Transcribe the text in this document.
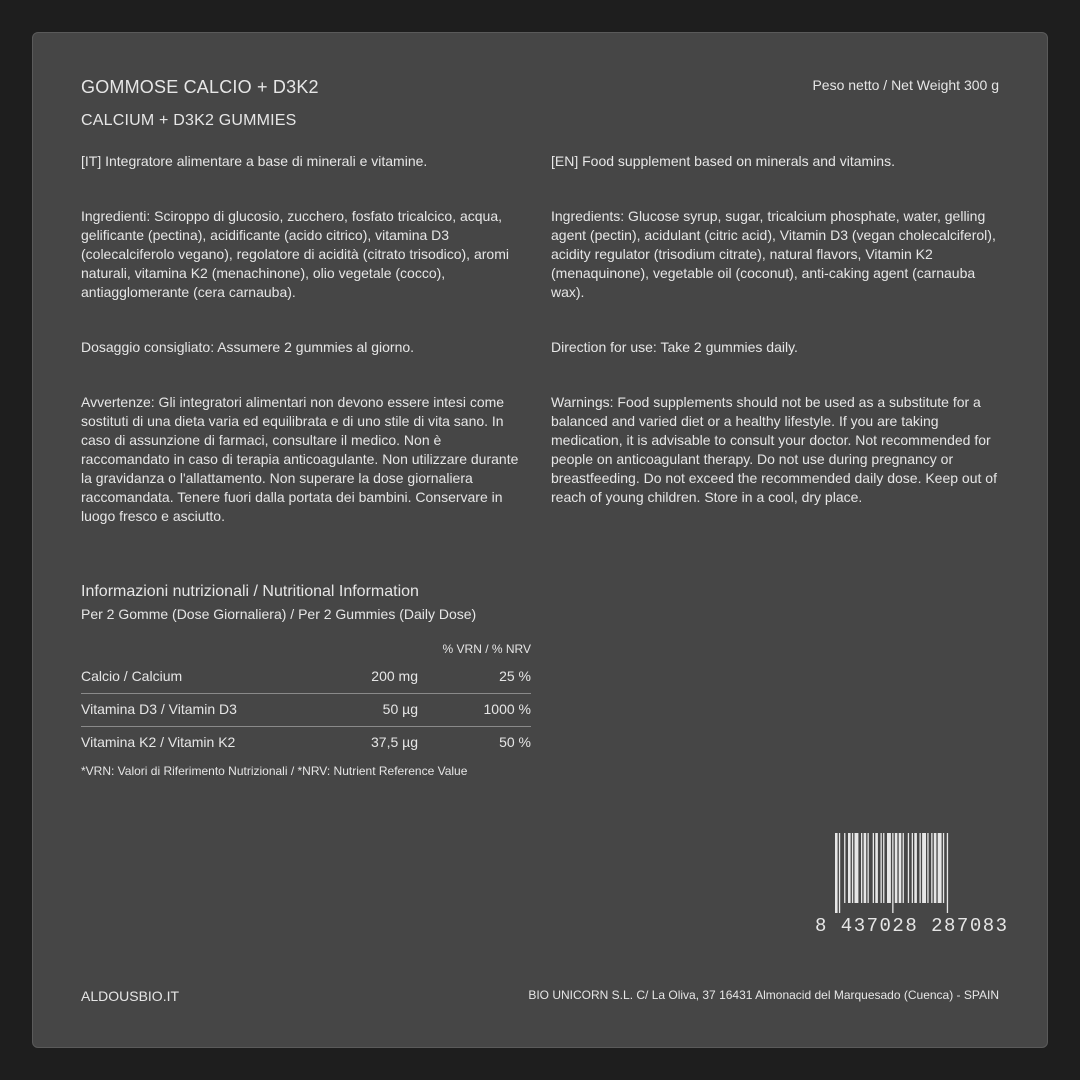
GOMMOSE CALCIO + D3K2
CALCIUM + D3K2 GUMMIES
Peso netto / Net Weight 300 g

[IT] Integratore alimentare a base di minerali e vitamine.

Ingredienti: Sciroppo di glucosio, zucchero, fosfato tricalcico, acqua, gelificante (pectina), acidificante (acido citrico), vitamina D3 (colecalciferolo vegano), regolatore di acidità (citrato trisodico), aromi naturali, vitamina K2 (menachinone), olio vegetale (cocco), antiagglomerante (cera carnauba).

Dosaggio consigliato: Assumere 2 gummies al giorno.

Avvertenze: Gli integratori alimentari non devono essere intesi come sostituti di una dieta varia ed equilibrata e di uno stile di vita sano. In caso di assunzione di farmaci, consultare il medico. Non è raccomandato in caso di terapia anticoagulante. Non utilizzare durante la gravidanza o l'allattamento. Non superare la dose giornaliera raccomandata. Tenere fuori dalla portata dei bambini. Conservare in luogo fresco e asciutto.

[EN] Food supplement based on minerals and vitamins.

Ingredients: Glucose syrup, sugar, tricalcium phosphate, water, gelling agent (pectin), acidulant (citric acid), Vitamin D3 (vegan cholecalciferol), acidity regulator (trisodium citrate), natural flavors, Vitamin K2 (menaquinone), vegetable oil (coconut), anti-caking agent (carnauba wax).

Direction for use: Take 2 gummies daily.

Warnings: Food supplements should not be used as a substitute for a balanced and varied diet or a healthy lifestyle. If you are taking medication, it is advisable to consult your doctor. Not recommended for people on anticoagulant therapy. Do not use during pregnancy or breastfeeding. Do not exceed the recommended daily dose. Keep out of reach of young children. Store in a cool, dry place.

Informazioni nutrizionali / Nutritional Information
Per 2 Gomme (Dose Giornaliera) / Per 2 Gummies (Daily Dose)
% VRN / % NRV
Calcio / Calcium	200 mg	25 %
Vitamina D3 / Vitamin D3	50 µg	1000 %
Vitamina K2 / Vitamin K2	37,5 µg	50 %
*VRN: Valori di Riferimento Nutrizionali / *NRV: Nutrient Reference Value
8 437028 287083
ALDOUSBIO.IT	BIO UNICORN S.L. C/ La Oliva, 37 16431 Almonacid del Marquesado (Cuenca) - SPAIN
